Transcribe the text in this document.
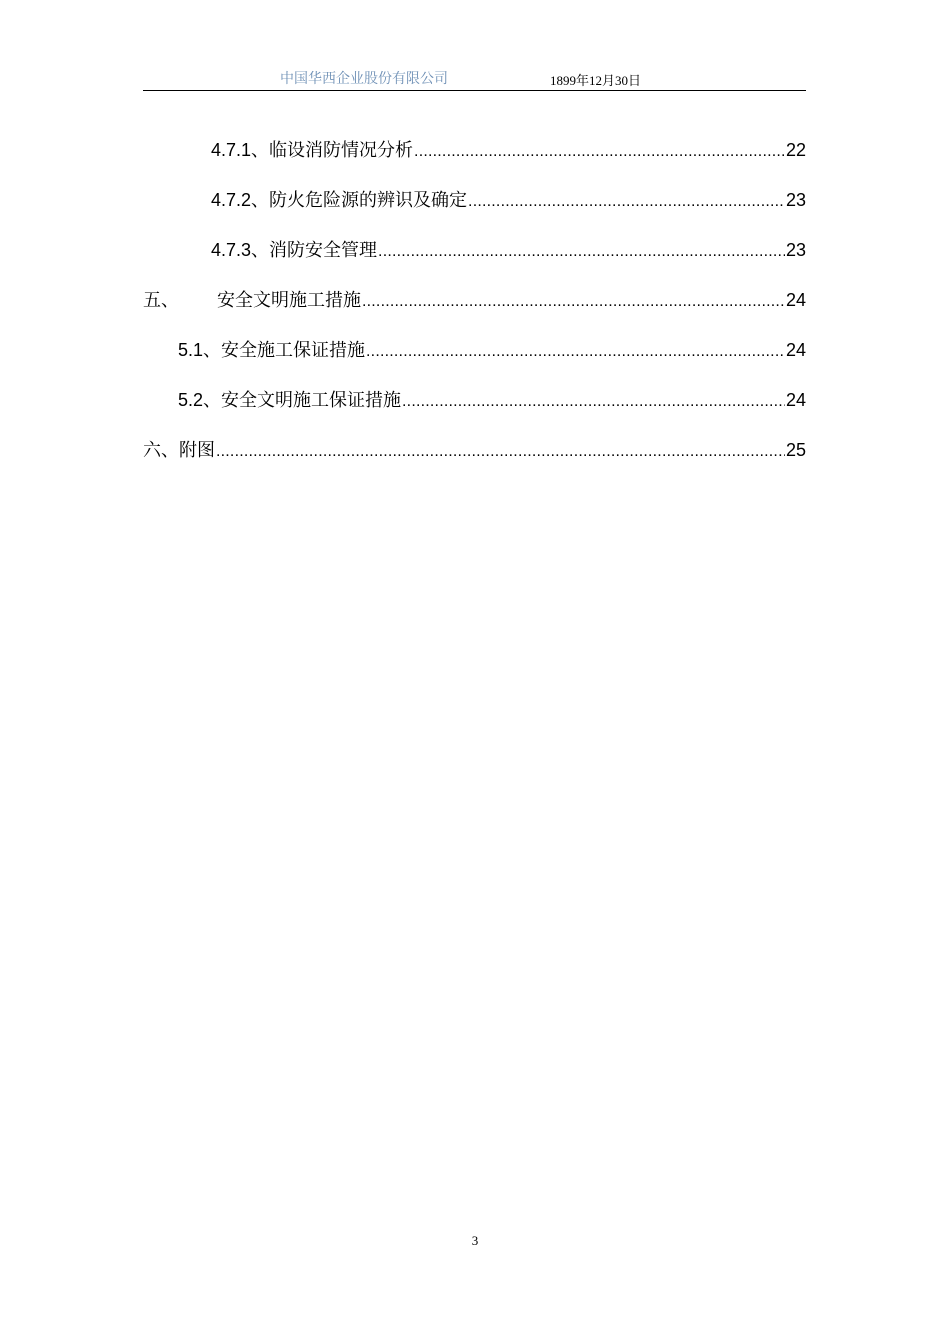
中国华西企业股份有限公司	1899年12月30日
4.7.1、临设消防情况分析 .....	22
4.7.2、防火危险源的辨识及确定 .....	23
4.7.3、消防安全管理 .....	23
五、 安全文明施工措施 .....	24
5.1、安全施工保证措施 .....	24
5.2、安全文明施工保证措施 .....	24
六、附图 .....	25
3
